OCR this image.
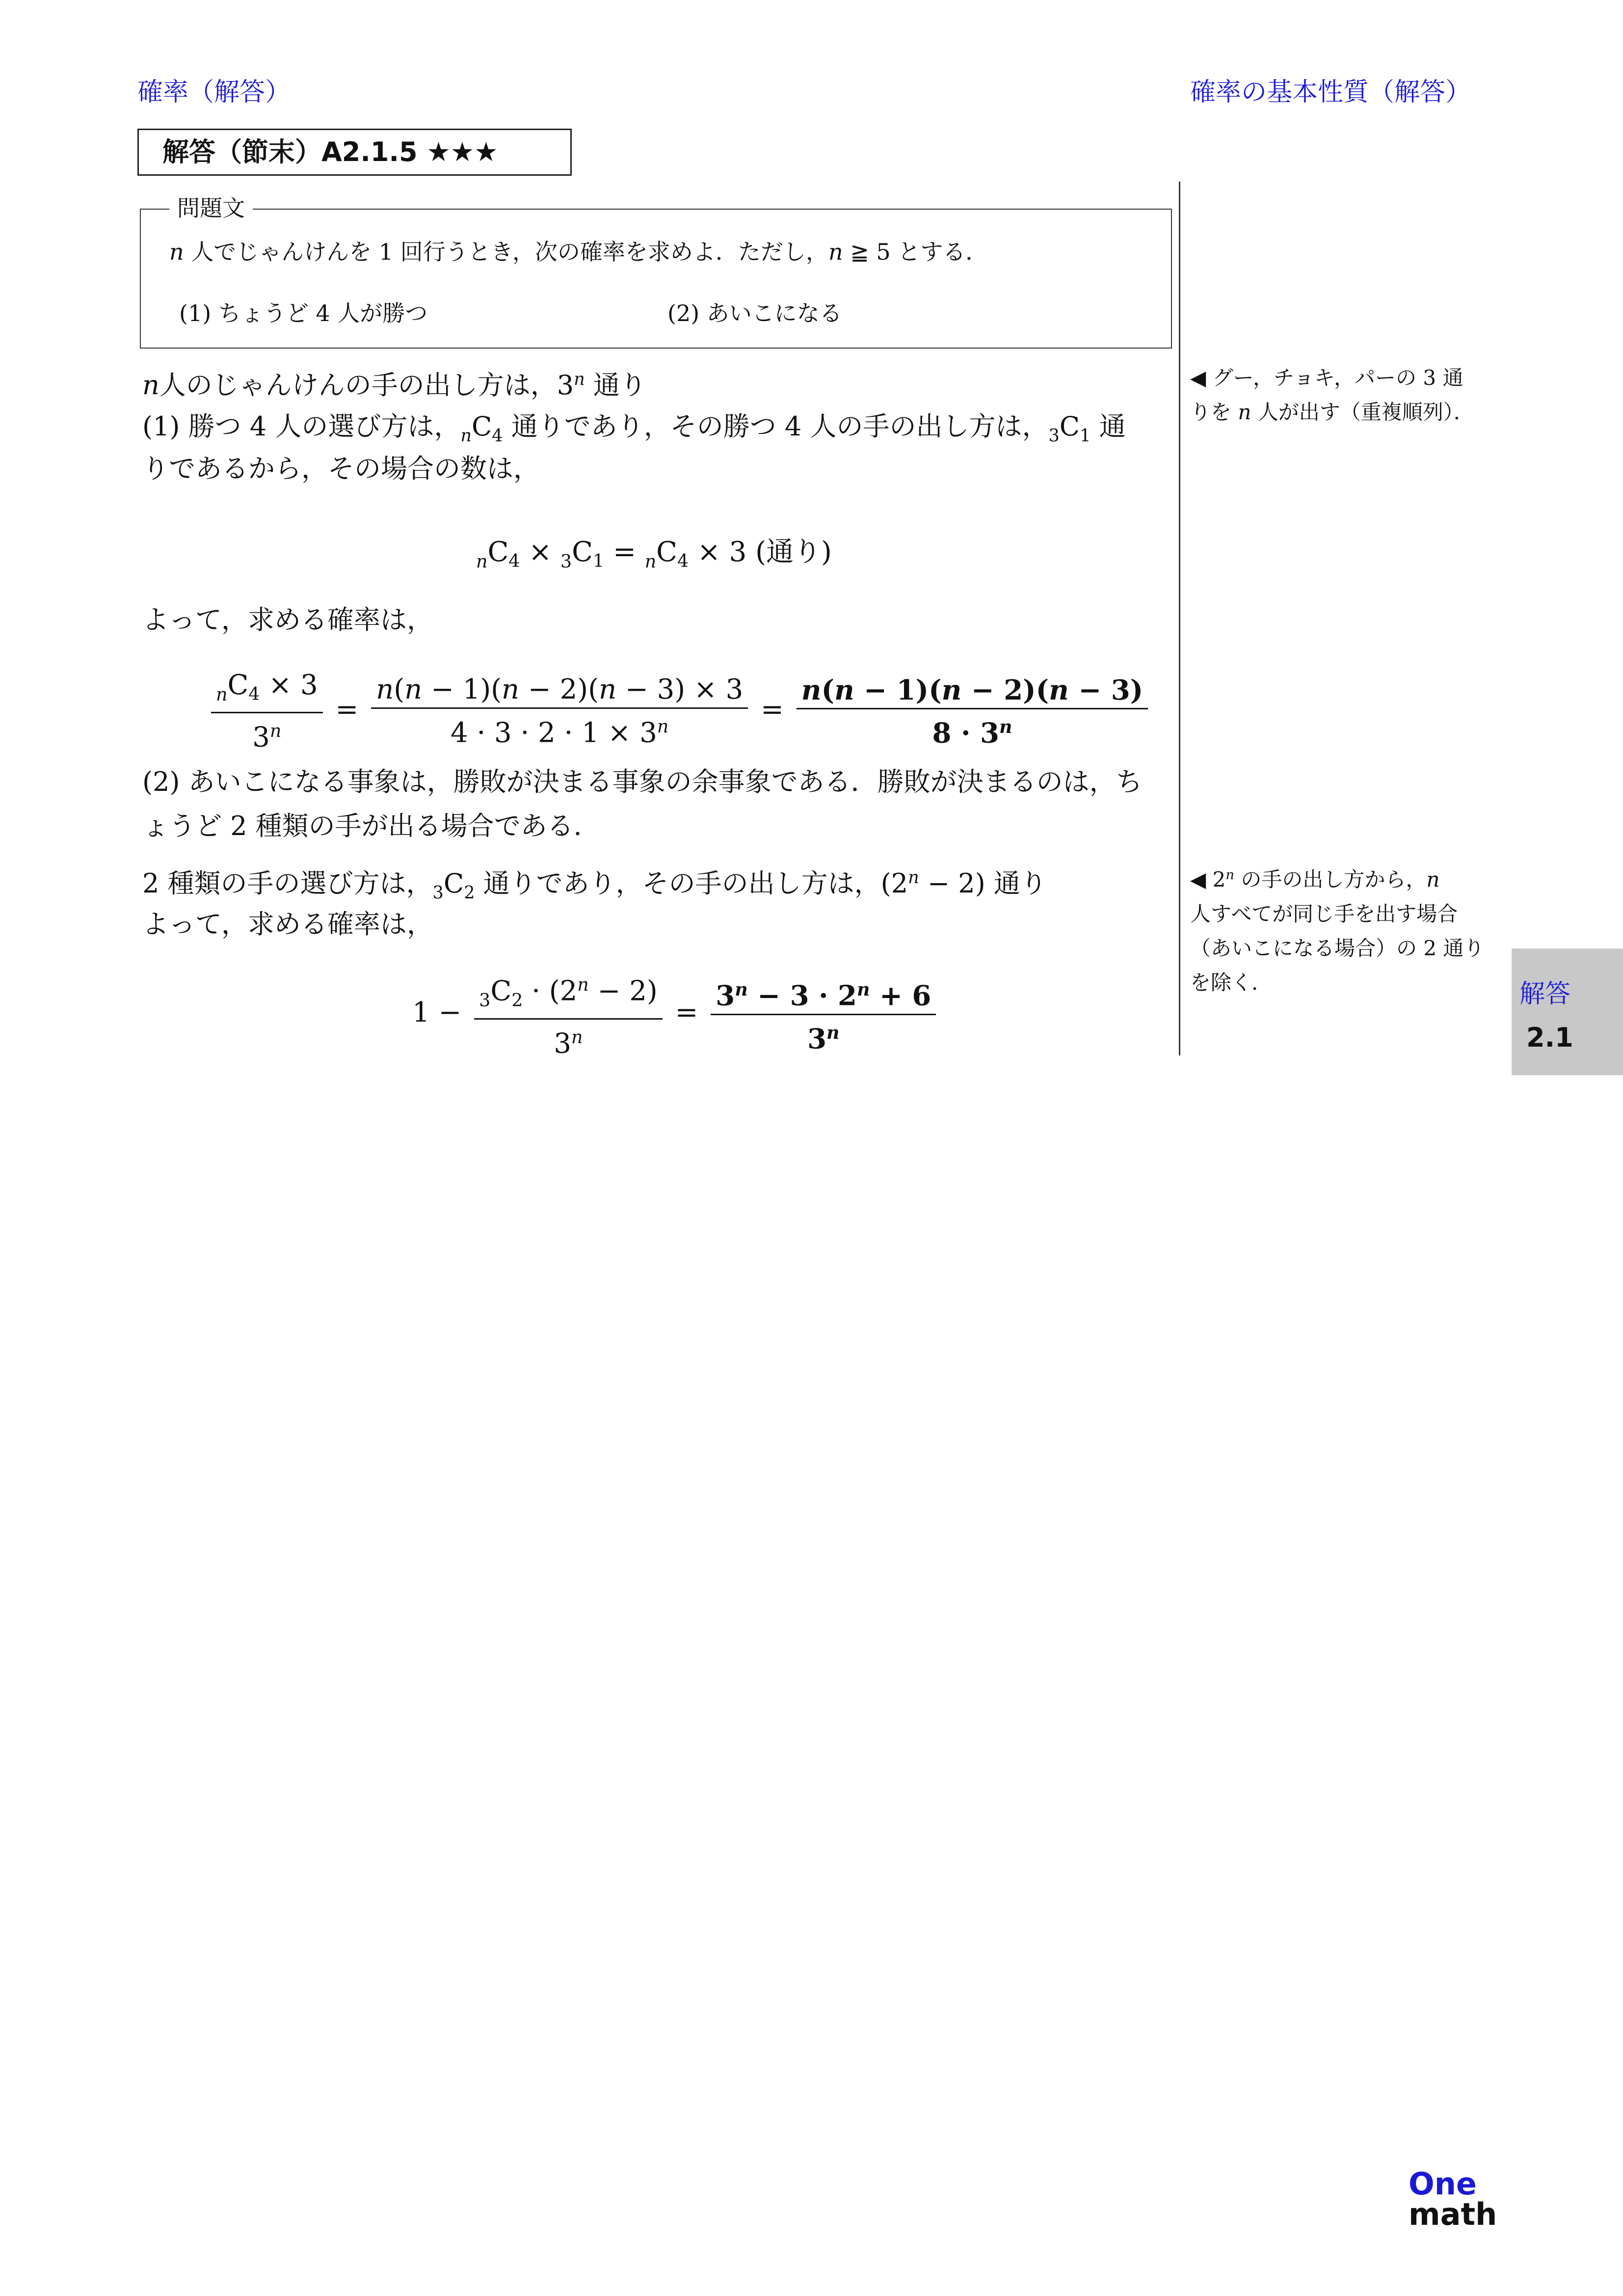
確率（解答）	確率の基本性質（解答）
解答（節末）A2.1.5 ★★★
問題文
n 人でじゃんけんを 1 回行うとき，次の確率を求めよ．ただし，n ≧ 5 とする．
(1) ちょうど 4 人が勝つ	(2) あいこになる
n人のじゃんけんの手の出し方は，3$^n$ 通り
(1) 勝つ 4 人の選び方は，$_nC_4$ 通りであり，その勝つ 4 人の手の出し方は，$_3C_1$ 通
りであるから，その場合の数は，
$_nC_4 \times _3C_1 = _nC_4 \times 3$ (通り)
よって，求める確率は，
$\frac{_nC_4 \times 3}{3^n} = \frac{n(n - 1)(n - 2)(n - 3) \times 3}{4 \cdot 3 \cdot 2 \cdot 1 \times 3^n} = \frac{n(n - 1)(n - 2)(n - 3)}{8 \cdot 3^n}$
(2) あいこになる事象は，勝敗が決まる事象の余事象である．勝敗が決まるのは，ち
ょうど 2 種類の手が出る場合である．
2 種類の手の選び方は，$_3C_2$ 通りであり，その手の出し方は，$(2^n - 2)$ 通り
よって，求める確率は，
$1 - \frac{_3C_2 \cdot (2^n - 2)}{3^n} = \frac{3^n - 3 \cdot 2^n + 6}{3^n}$
◀ グー，チョキ，パーの 3 通
りを n 人が出す（重複順列）．
◀ 2$^n$ の手の出し方から，n
人すべてが同じ手を出す場合
（あいこになる場合）の 2 通り
を除く．	解答
2.1
One
math
